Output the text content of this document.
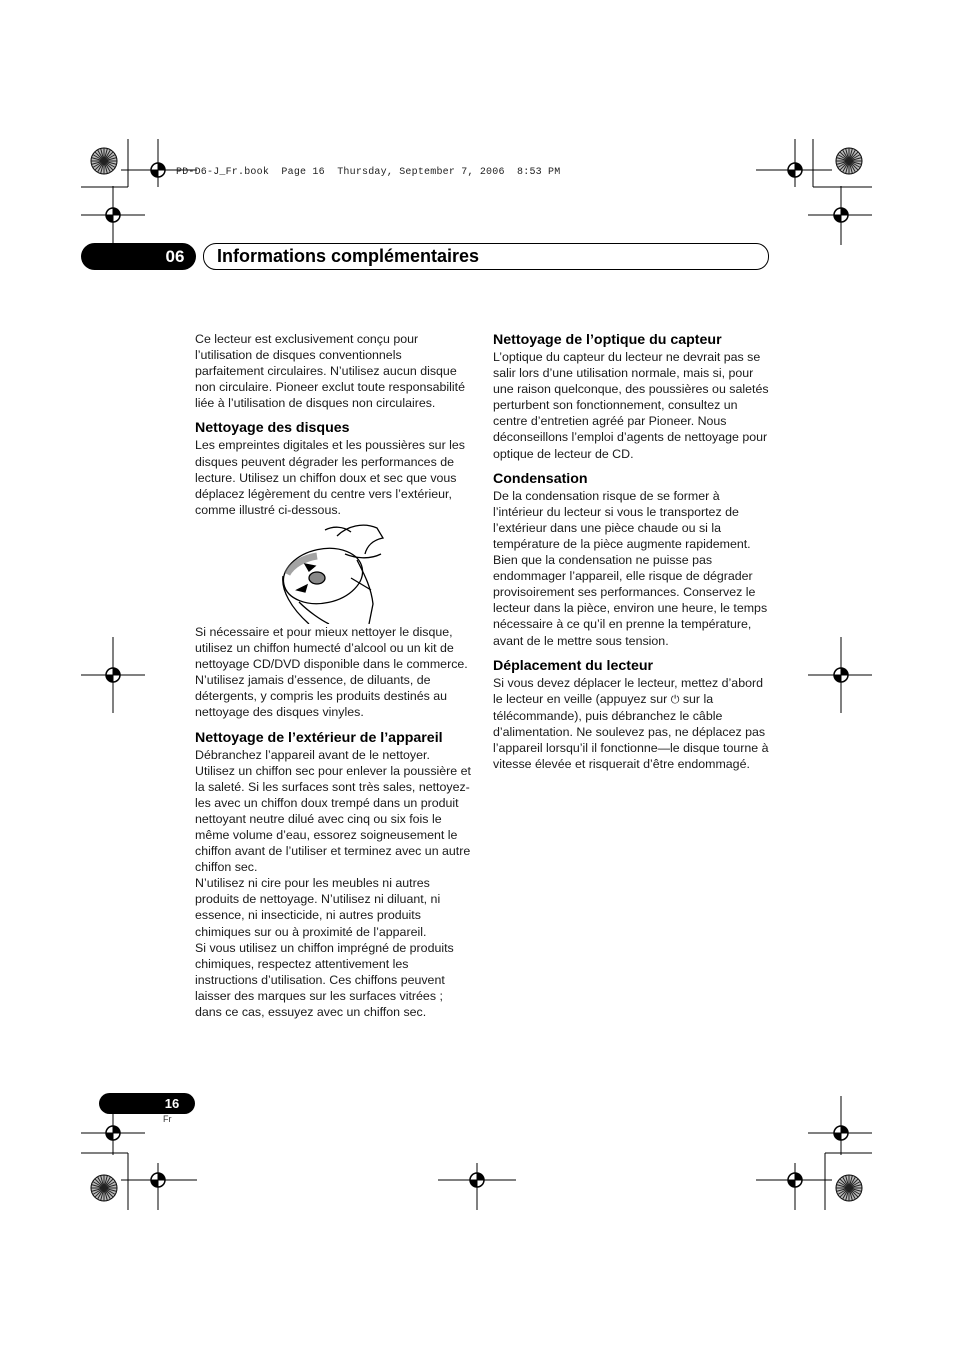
PD-D6-J_Fr.book  Page 16  Thursday, September 7, 2006  8:53 PM
06	Informations complémentaires

Ce lecteur est exclusivement conçu pour l’utilisation de disques conventionnels parfaitement circulaires. N’utilisez aucun disque non circulaire. Pioneer exclut toute responsabilité liée à l’utilisation de disques non circulaires.

Nettoyage des disques

Les empreintes digitales et les poussières sur les disques peuvent dégrader les performances de lecture. Utilisez un chiffon doux et sec que vous déplacez légèrement du centre vers l’extérieur, comme illustré ci-dessous.

Si nécessaire et pour mieux nettoyer le disque, utilisez un chiffon humecté d’alcool ou un kit de nettoyage CD/DVD disponible dans le commerce. N’utilisez jamais d’essence, de diluants, de détergents, y compris les produits destinés au nettoyage des disques vinyles.

Nettoyage de l’extérieur de l’appareil

Débranchez l’appareil avant de le nettoyer. Utilisez un chiffon sec pour enlever la poussière et la saleté. Si les surfaces sont très sales, nettoyez-les avec un chiffon doux trempé dans un produit nettoyant neutre dilué avec cinq ou six fois le même volume d’eau, essorez soigneusement le chiffon avant de l’utiliser et terminez avec un autre chiffon sec.

N’utilisez ni cire pour les meubles ni autres produits de nettoyage. N’utilisez ni diluant, ni essence, ni insecticide, ni autres produits chimiques sur ou à proximité de l’appareil.

Si vous utilisez un chiffon imprégné de produits chimiques, respectez attentivement les instructions d’utilisation. Ces chiffons peuvent laisser des marques sur les surfaces vitrées ; dans ce cas, essuyez avec un chiffon sec.

Nettoyage de l’optique du capteur

L’optique du capteur du lecteur ne devrait pas se salir lors d’une utilisation normale, mais si, pour une raison quelconque, des poussières ou saletés perturbent son fonctionnement, consultez un centre d’entretien agréé par Pioneer. Nous déconseillons l’emploi d’agents de nettoyage pour optique de lecteur de CD.

Condensation

De la condensation risque de se former à l’intérieur du lecteur si vous le transportez de l’extérieur dans une pièce chaude ou si la température de la pièce augmente rapidement. Bien que la condensation ne puisse pas endommager l’appareil, elle risque de dégrader provisoirement ses performances. Conservez le lecteur dans la pièce, environ une heure, le temps nécessaire à ce qu’il en prenne la température, avant de le mettre sous tension.

Déplacement du lecteur

Si vous devez déplacer le lecteur, mettez d’abord le lecteur en veille (appuyez sur ⏻ sur la télécommande), puis débranchez le câble d’alimentation. Ne soulevez pas, ne déplacez pas l’appareil lorsqu’il il fonctionne—le disque tourne à vitesse élevée et risquerait d’être endommagé.

16
Fr
